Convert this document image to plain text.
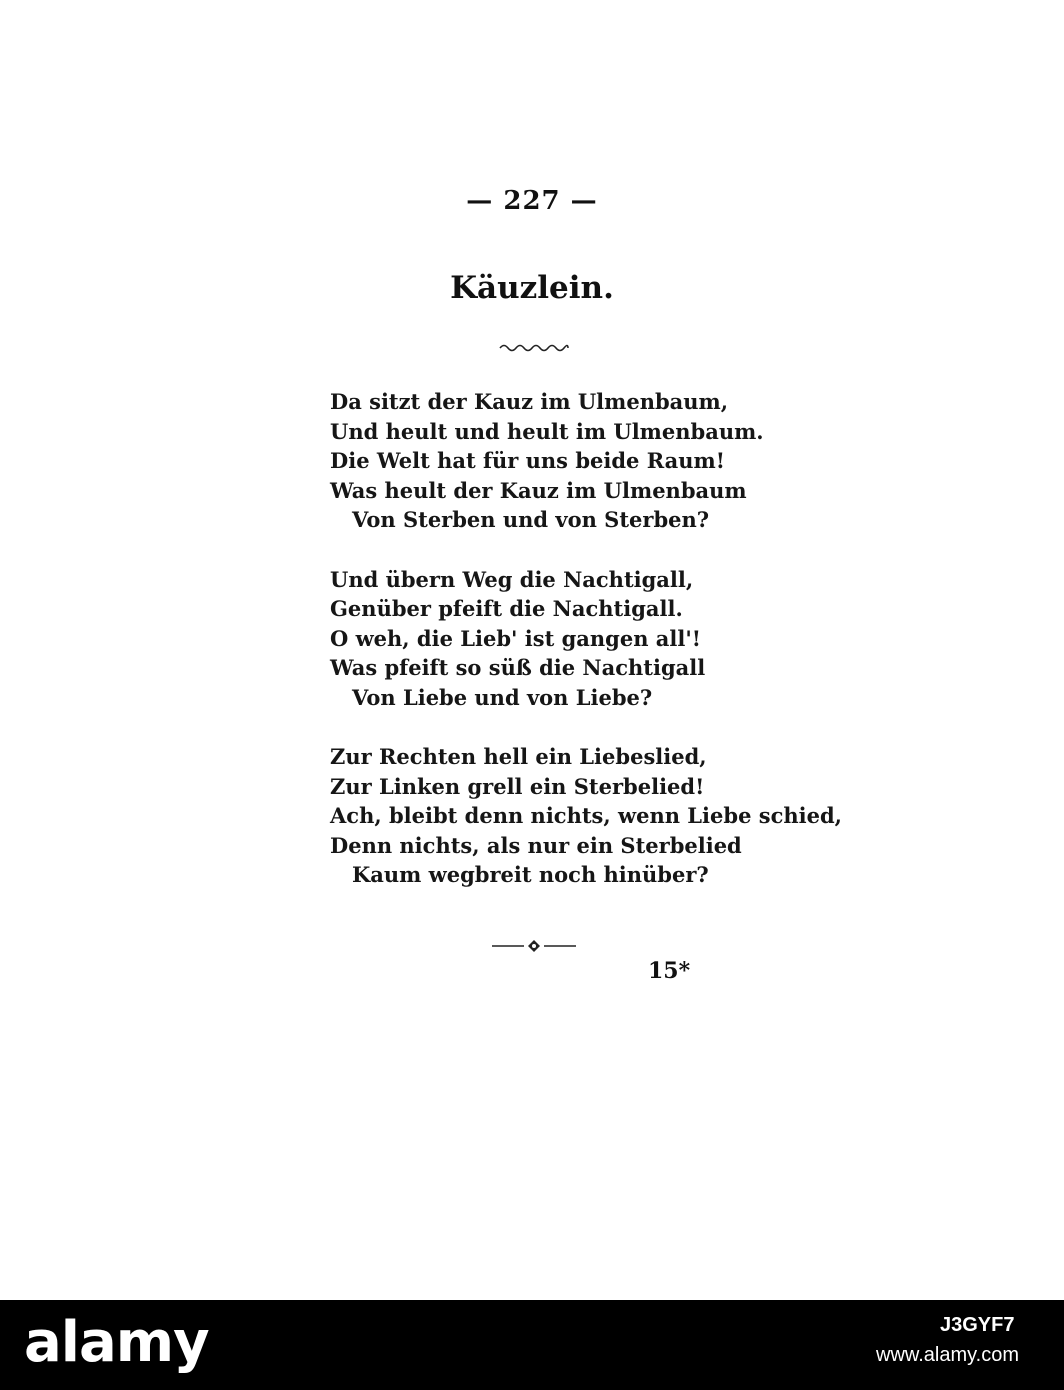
— 227 —
Käuzlein.
Da sitzt der Kauz im Ulmenbaum,
Und heult und heult im Ulmenbaum.
Die Welt hat für uns beide Raum!
Was heult der Kauz im Ulmenbaum
Von Sterben und von Sterben?
Und übern Weg die Nachtigall,
Genüber pfeift die Nachtigall.
O weh, die Lieb' ist gangen all'!
Was pfeift so süß die Nachtigall
Von Liebe und von Liebe?
Zur Rechten hell ein Liebeslied,
Zur Linken grell ein Sterbelied!
Ach, bleibt denn nichts, wenn Liebe schied,
Denn nichts, als nur ein Sterbelied
Kaum wegbreit noch hinüber?
15*
alamy	J3GYF7
www.alamy.com
